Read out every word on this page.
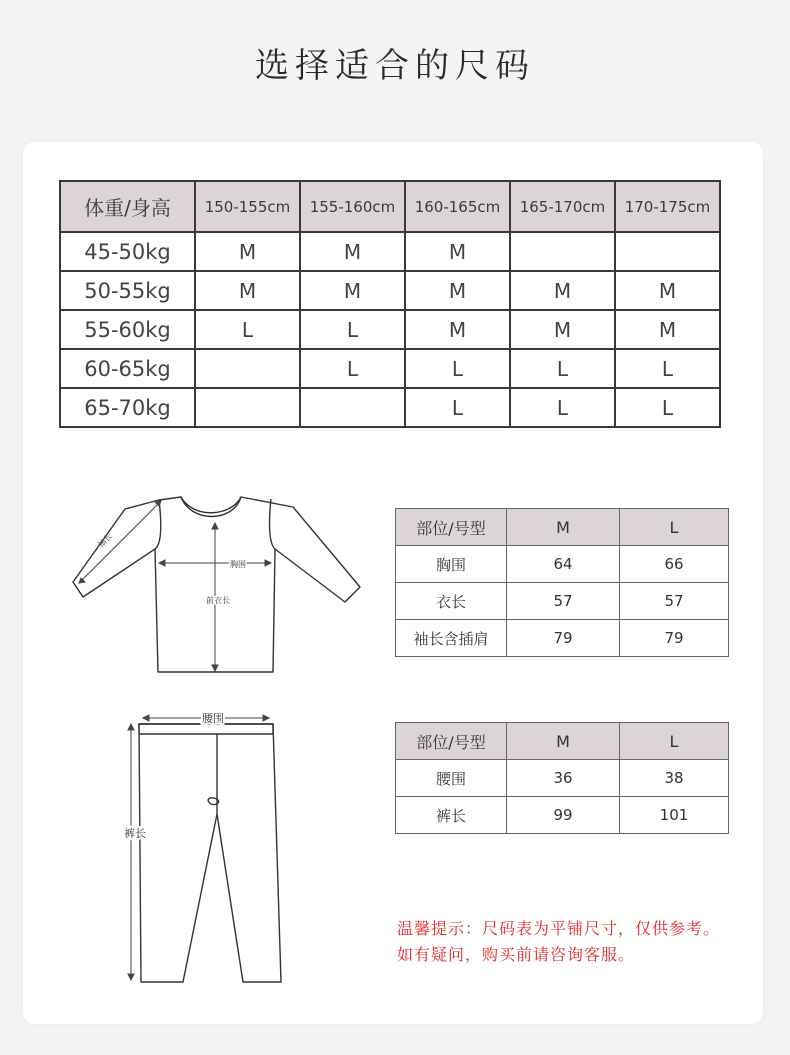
选择适合的尺码
体重/身高	150-155cm	155-160cm	160-165cm	165-170cm	170-175cm
45-50kg	M	M	M		
50-55kg	M	M	M	M	M
55-60kg	L	L	M	M	M
60-65kg		L	L	L	L
65-70kg			L	L	L
袖长
胸围
前衣长
部位/号型	M	L
胸围	64	66
衣长	57	57
袖长含插肩	79	79
腰围
裤长
部位/号型	M	L
腰围	36	38
裤长	99	101
温馨提示：尺码表为平铺尺寸，仅供参考。
如有疑问，购买前请咨询客服。
